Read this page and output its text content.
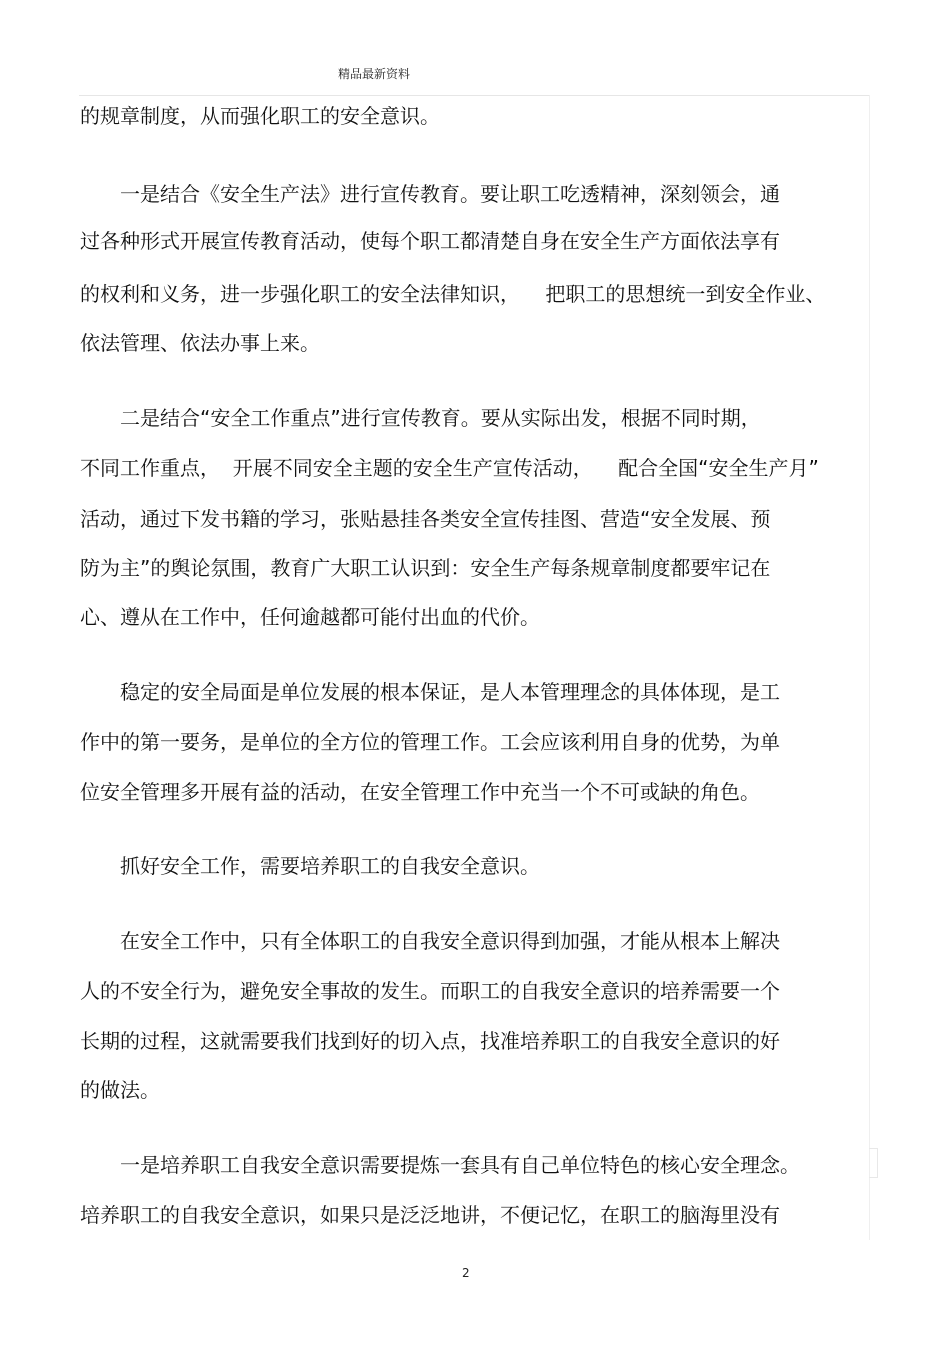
精品最新资料
的规章制度，从而强化职工的安全意识。
一是结合《安全生产法》进行宣传教育。要让职工吃透精神，深刻领会，通
过各种形式开展宣传教育活动，使每个职工都清楚自身在安全生产方面依法享有
的权利和义务，进一步强化职工的安全法律知识，    把职工的思想统一到安全作业、
依法管理、依法办事上来。
二是结合“安全工作重点”进行宣传教育。要从实际出发，根据不同时期，
不同工作重点，  开展不同安全主题的安全生产宣传活动，    配合全国“安全生产月”
活动，通过下发书籍的学习，张贴悬挂各类安全宣传挂图、营造“安全发展、预
防为主”的舆论氛围，教育广大职工认识到：安全生产每条规章制度都要牢记在
心、遵从在工作中，任何逾越都可能付出血的代价。
稳定的安全局面是单位发展的根本保证，是人本管理理念的具体体现，是工
作中的第一要务，是单位的全方位的管理工作。工会应该利用自身的优势，为单
位安全管理多开展有益的活动，在安全管理工作中充当一个不可或缺的角色。
抓好安全工作，需要培养职工的自我安全意识。
在安全工作中，只有全体职工的自我安全意识得到加强，才能从根本上解决
人的不安全行为，避免安全事故的发生。而职工的自我安全意识的培养需要一个
长期的过程，这就需要我们找到好的切入点，找准培养职工的自我安全意识的好
的做法。
一是培养职工自我安全意识需要提炼一套具有自己单位特色的核心安全理念。
培养职工的自我安全意识，如果只是泛泛地讲，不便记忆，在职工的脑海里没有
2
